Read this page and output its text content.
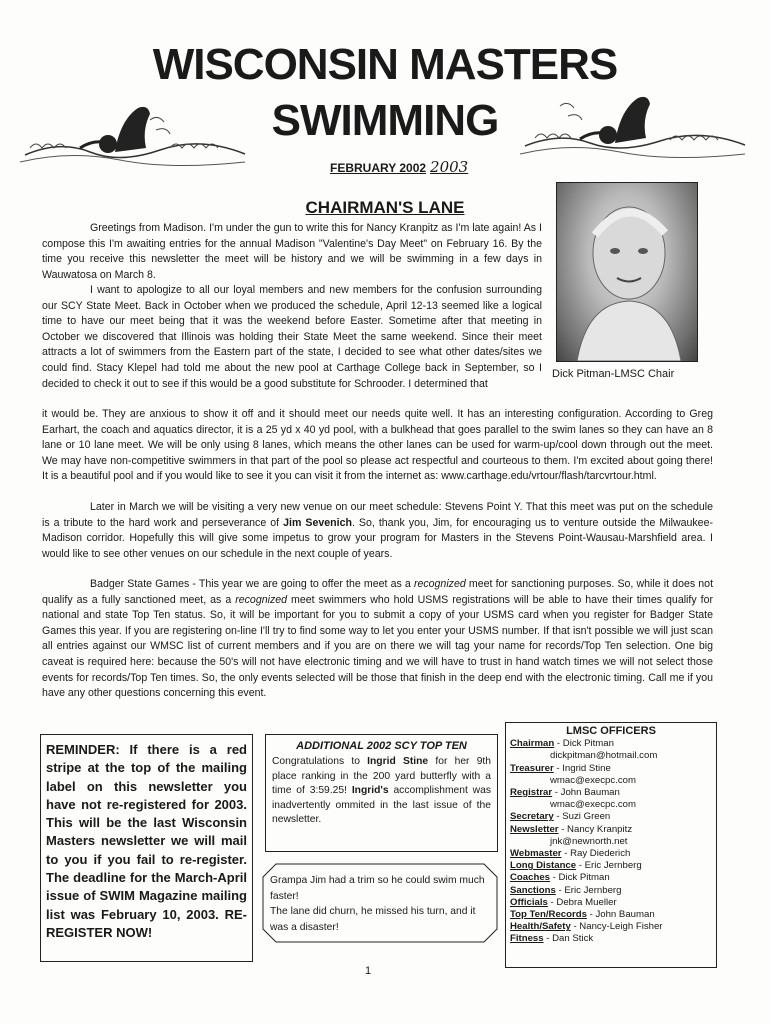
WISCONSIN MASTERS
SWIMMING
FEBRUARY 2002 2003
CHAIRMAN'S LANE
Dick Pitman-LMSC Chair

Greetings from Madison. I'm under the gun to write this for Nancy Kranpitz as I'm late again! As I compose this I'm awaiting entries for the annual Madison "Valentine's Day Meet" on February 16. By the time you receive this newsletter the meet will be history and we will be swimming in a few days in Wauwatosa on March 8.

I want to apologize to all our loyal members and new members for the confusion surrounding our SCY State Meet. Back in October when we produced the schedule, April 12-13 seemed like a logical time to have our meet being that it was the weekend before Easter. Sometime after that meeting in October we discovered that Illinois was holding their State Meet the same weekend. Since their meet attracts a lot of swimmers from the Eastern part of the state, I decided to see what other dates/sites we could find. Stacy Klepel had told me about the new pool at Carthage College back in September, so I decided to check it out to see if this would be a good substitute for Schrooder. I determined that

it would be. They are anxious to show it off and it should meet our needs quite well. It has an interesting configuration. According to Greg Earhart, the coach and aquatics director, it is a 25 yd x 40 yd pool, with a bulkhead that goes parallel to the swim lanes so they can have an 8 lane or 10 lane meet. We will be only using 8 lanes, which means the other lanes can be used for warm-up/cool down through out the meet. We may have non-competitive swimmers in that part of the pool so please act respectful and courteous to them. I'm excited about going there! It is a beautiful pool and if you would like to see it you can visit it from the internet as: www.carthage.edu/vrtour/flash/tarcvrtour.html.

Later in March we will be visiting a very new venue on our meet schedule: Stevens Point Y. That this meet was put on the schedule is a tribute to the hard work and perseverance of Jim Sevenich. So, thank you, Jim, for encouraging us to venture outside the Milwaukee-Madison corridor. Hopefully this will give some impetus to grow your program for Masters in the Stevens Point-Wausau-Marshfield area. I would like to see other venues on our schedule in the next couple of years.

Badger State Games - This year we are going to offer the meet as a recognized meet for sanctioning purposes. So, while it does not qualify as a fully sanctioned meet, as a recognized meet swimmers who hold USMS registrations will be able to have their times qualify for national and state Top Ten status. So, it will be important for you to submit a copy of your USMS card when you register for Badger State Games this year. If you are registering on-line I'll try to find some way to let you enter your USMS number. If that isn't possible we will just scan all entries against our WMSC list of current members and if you are on there we will tag your name for records/Top Ten selection. One big caveat is required here: because the 50's will not have electronic timing and we will have to trust in hand watch times we will not select those events for records/Top Ten times. So, the only events selected will be those that finish in the deep end with the electronic timing. Call me if you have any other questions concerning this event.

REMINDER: If there is a red stripe at the top of the mailing label on this newsletter you have not re-registered for 2003. This will be the last Wisconsin Masters newsletter we will mail to you if you fail to re-register. The deadline for the March-April issue of SWIM Magazine mailing list was February 10, 2003. RE-REGISTER NOW!
ADDITIONAL 2002 SCY TOP TEN
Congratulations to Ingrid Stine for her 9th place ranking in the 200 yard butterfly with a time of 3:59.25! Ingrid's accomplishment was inadvertently ommited in the last issue of the newsletter.
Grampa Jim had a trim so he could swim much faster!
The lane did churn, he missed his turn, and it was a disaster!
1
LMSC OFFICERS
Chairman - Dick Pitman
dickpitman@hotmail.com
Treasurer - Ingrid Stine
wmac@execpc.com
Registrar - John Bauman
wmac@execpc.com
Secretary - Suzi Green
Newsletter - Nancy Kranpitz
jnk@newnorth.net
Webmaster - Ray Diederich
Long Distance - Eric Jernberg
Coaches - Dick Pitman
Sanctions - Eric Jernberg
Officials - Debra Mueller
Top Ten/Records - John Bauman
Health/Safety - Nancy-Leigh Fisher
Fitness - Dan Stick
